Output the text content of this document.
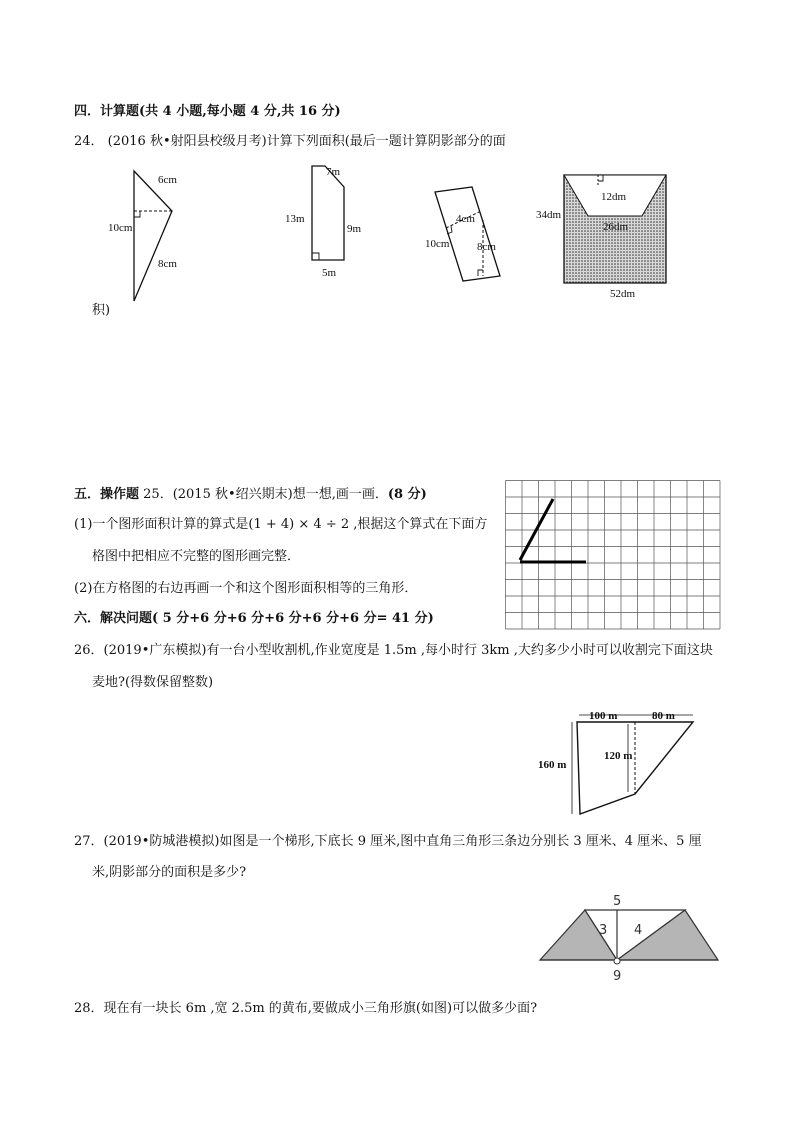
四．计算题(共 4 小题,每小题 4 分,共 16 分)
24． (2016 秋•射阳县校级月考)计算下列面积(最后一题计算阴影部分的面
6cm
10cm
8cm
7m
13m
9m
5m
4cm
10cm	8cm
12dm
26dm
34dm
52dm
积)
五．操作题 25．(2015 秋•绍兴期末)想一想,画一画．(8 分)
(1)一个图形面积计算的算式是(1 + 4) × 4 ÷ 2 ,根据这个算式在下面方
格图中把相应不完整的图形画完整．
(2)在方格图的右边再画一个和这个图形面积相等的三角形．
六．解决问题( 5 分+6 分+6 分+6 分+6 分+6 分= 41 分)
26．(2019•广东模拟)有一台小型收割机,作业宽度是 1.5m ,每小时行 3km ,大约多少小时可以收割完下面这块
麦地?(得数保留整数)
100 m	80 m
120 m
160 m
27．(2019•防城港模拟)如图是一个梯形,下底长 9 厘米,图中直角三角形三条边分别长 3 厘米、4 厘米、5 厘
米,阴影部分的面积是多少?
5
3 4
9
28．现在有一块长 6m ,宽 2.5m 的黄布,要做成小三角形旗(如图)可以做多少面?
